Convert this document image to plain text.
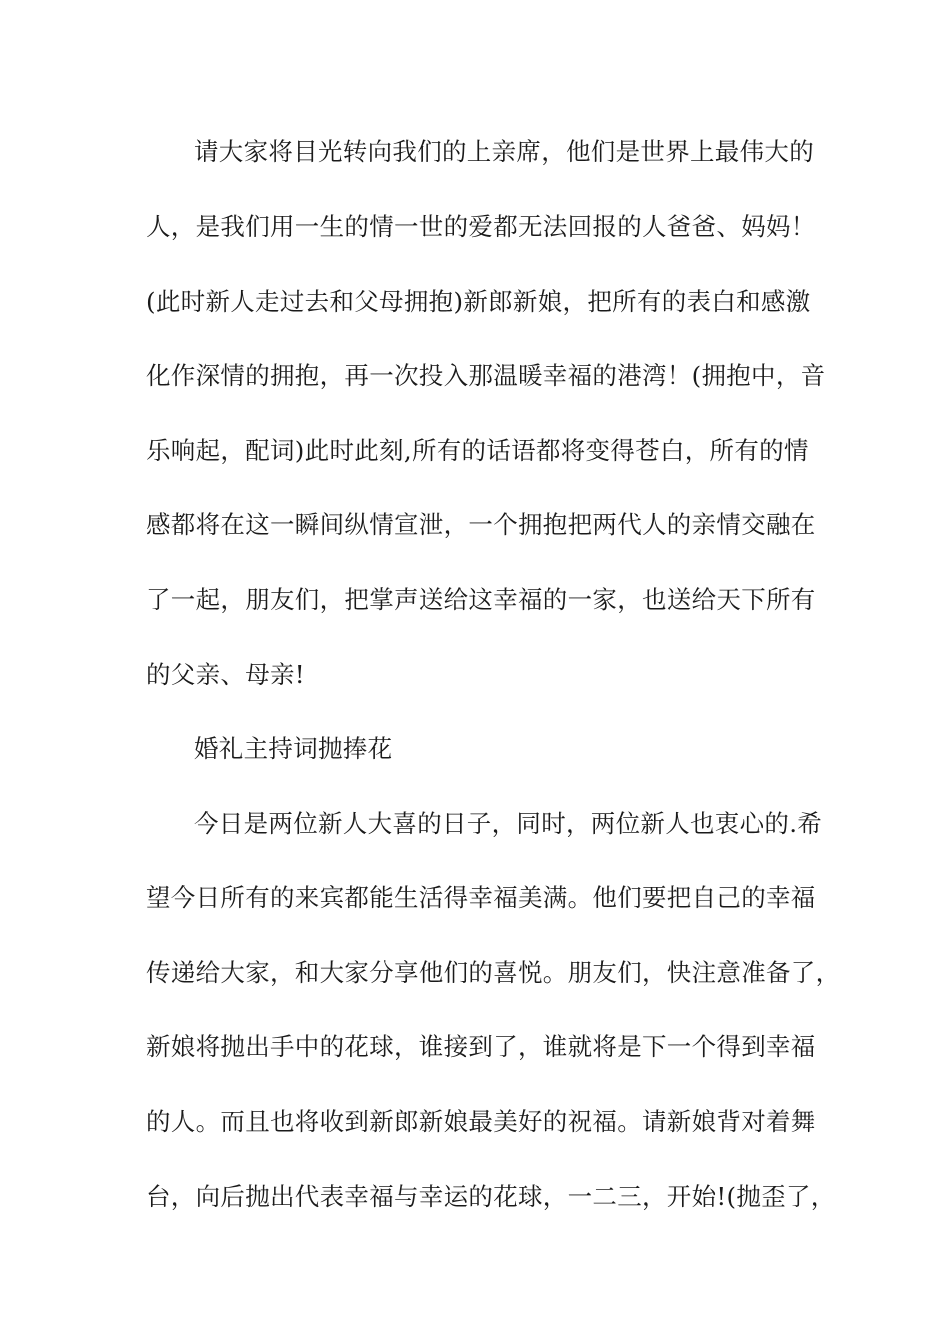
请大家将目光转向我们的上亲席，他们是世界上最伟大的
人，是我们用一生的情一世的爱都无法回报的人爸爸、妈妈！
(此时新人走过去和父母拥抱)新郎新娘，把所有的表白和感激
化作深情的拥抱，再一次投入那温暖幸福的港湾！(拥抱中，音
乐响起，配词)此时此刻,所有的话语都将变得苍白，所有的情
感都将在这一瞬间纵情宣泄，一个拥抱把两代人的亲情交融在
了一起，朋友们，把掌声送给这幸福的一家，也送给天下所有
的父亲、母亲!
婚礼主持词抛捧花
今日是两位新人大喜的日子，同时，两位新人也衷心的.希
望今日所有的来宾都能生活得幸福美满。他们要把自己的幸福
传递给大家，和大家分享他们的喜悦。朋友们，快注意准备了，
新娘将抛出手中的花球，谁接到了，谁就将是下一个得到幸福
的人。而且也将收到新郎新娘最美好的祝福。请新娘背对着舞
台，向后抛出代表幸福与幸运的花球，一二三，开始!(抛歪了，
